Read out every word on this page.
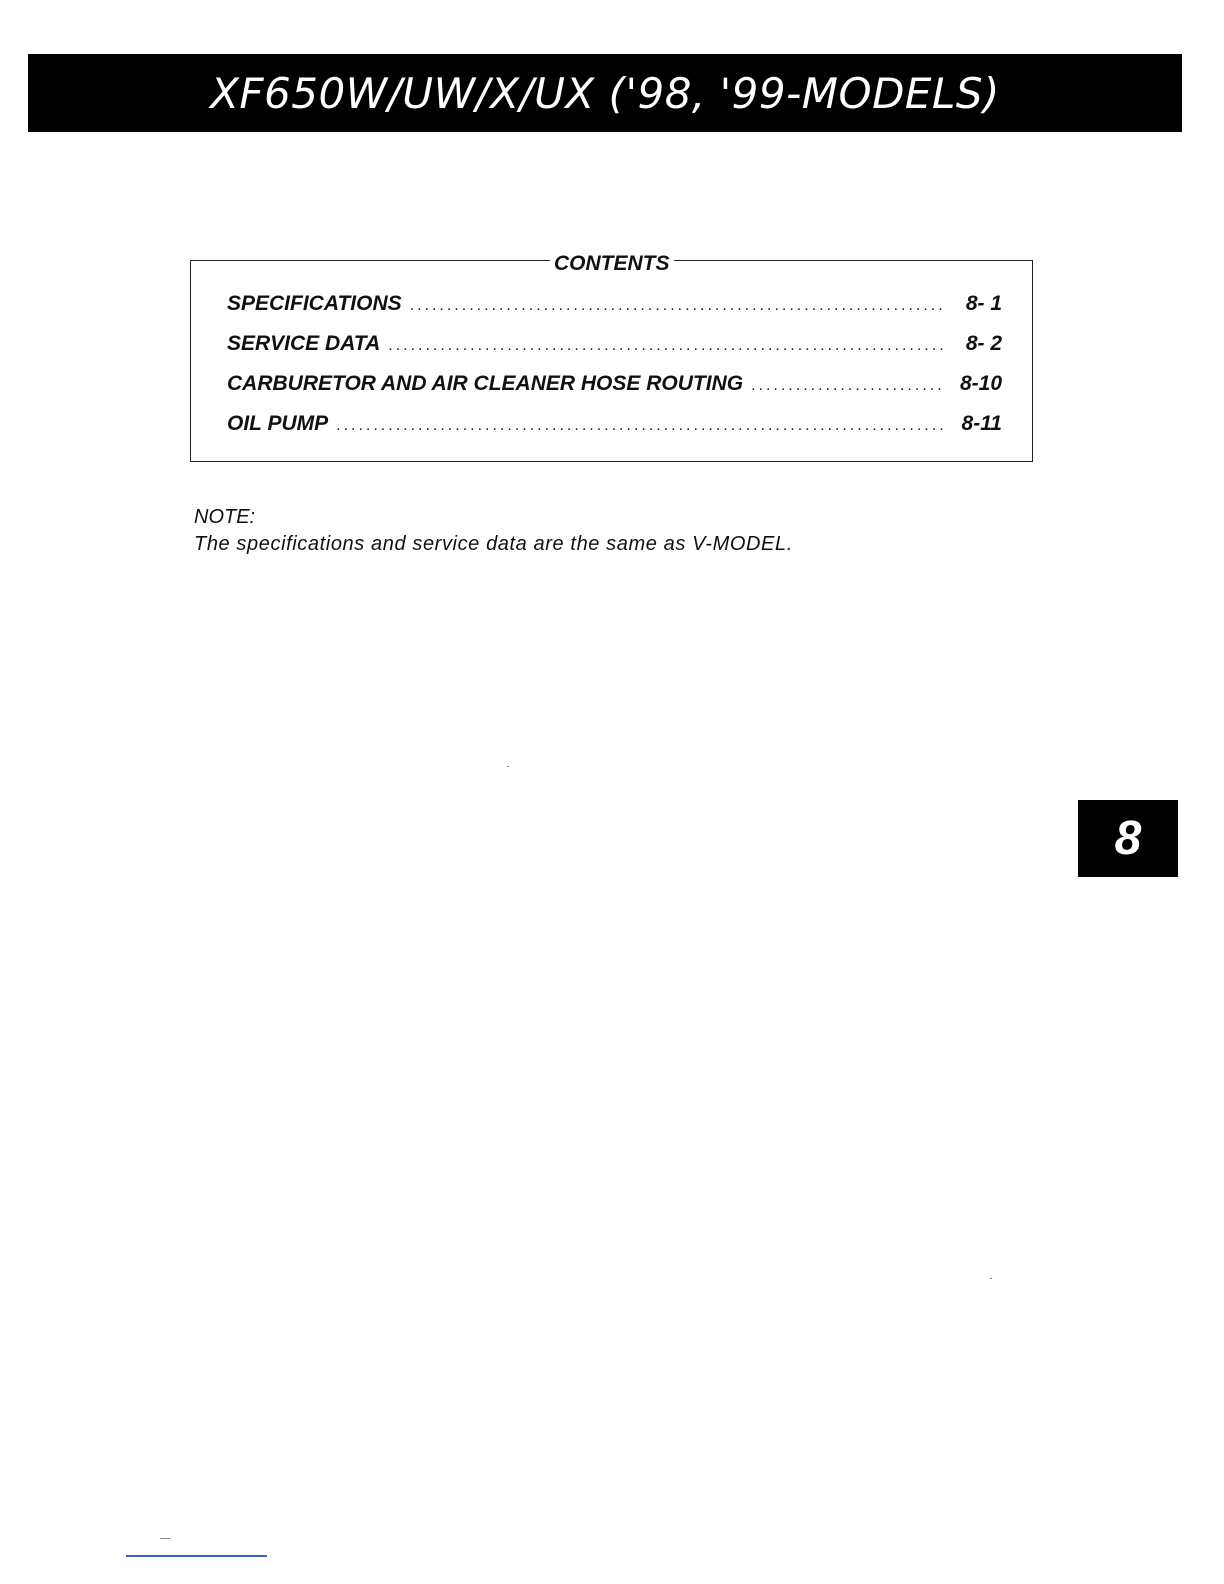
XF650W/UW/X/UX ('98, '99-MODELS)
CONTENTS
SPECIFICATIONS .....	8- 1
SERVICE DATA .....	8- 2
CARBURETOR AND AIR CLEANER HOSE ROUTING .....	8-10
OIL PUMP .....	8-11
NOTE:
The specifications and service data are the same as V-MODEL.
8
